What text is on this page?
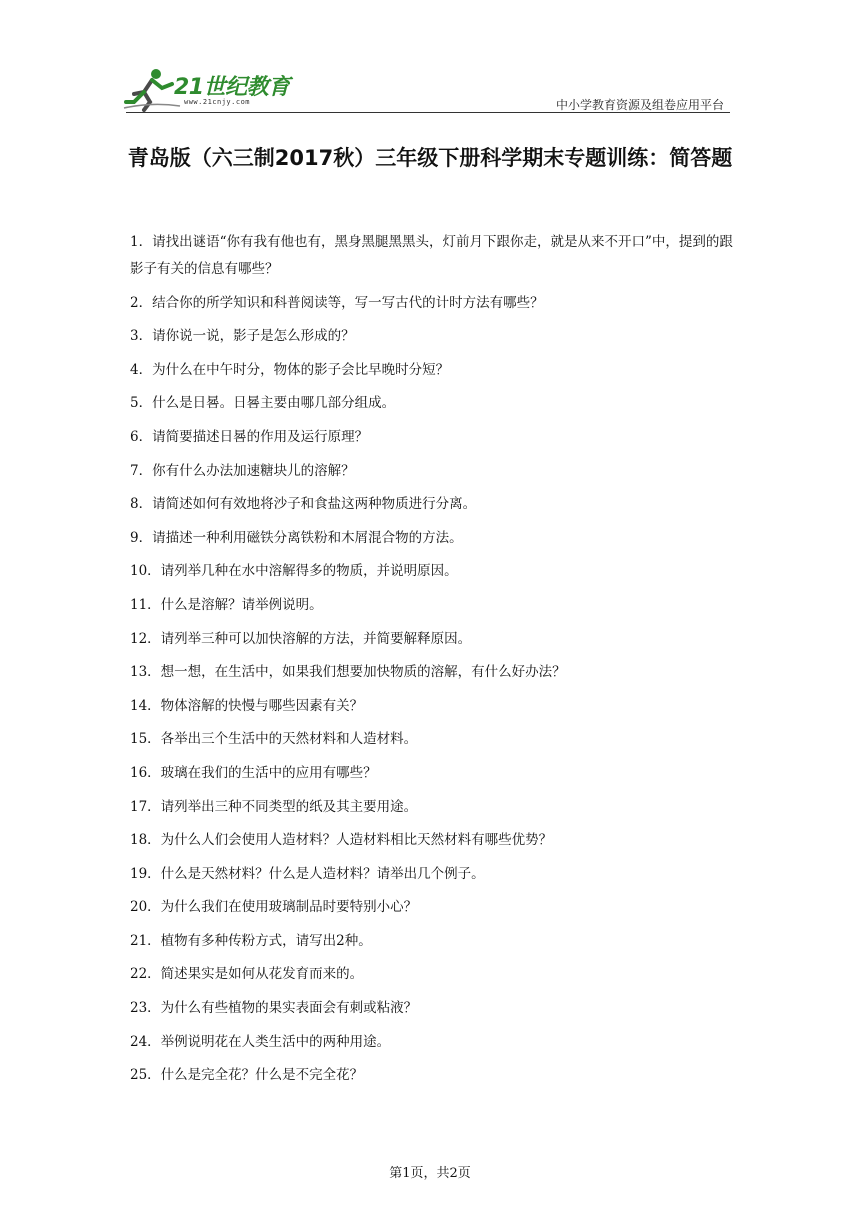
21世纪教育
www.21cnjy.com	中小学教育资源及组卷应用平台
青岛版（六三制2017秋）三年级下册科学期末专题训练：简答题
1．请找出谜语“你有我有他也有，黑身黑腿黑黑头，灯前月下跟你走，就是从来不开口”中，提到的跟影子有关的信息有哪些？
2．结合你的所学知识和科普阅读等，写一写古代的计时方法有哪些？
3．请你说一说，影子是怎么形成的？
4．为什么在中午时分，物体的影子会比早晚时分短？
5．什么是日晷。日晷主要由哪几部分组成。
6．请简要描述日晷的作用及运行原理？
7．你有什么办法加速糖块儿的溶解？
8．请简述如何有效地将沙子和食盐这两种物质进行分离。
9．请描述一种利用磁铁分离铁粉和木屑混合物的方法。
10．请列举几种在水中溶解得多的物质，并说明原因。
11．什么是溶解？请举例说明。
12．请列举三种可以加快溶解的方法，并简要解释原因。
13．想一想，在生活中，如果我们想要加快物质的溶解，有什么好办法？
14．物体溶解的快慢与哪些因素有关？
15．各举出三个生活中的天然材料和人造材料。
16．玻璃在我们的生活中的应用有哪些？
17．请列举出三种不同类型的纸及其主要用途。
18．为什么人们会使用人造材料？人造材料相比天然材料有哪些优势？
19．什么是天然材料？什么是人造材料？请举出几个例子。
20．为什么我们在使用玻璃制品时要特别小心？
21．植物有多种传粉方式，请写出2种。
22．简述果实是如何从花发育而来的。
23．为什么有些植物的果实表面会有刺或粘液？
24．举例说明花在人类生活中的两种用途。
25．什么是完全花？什么是不完全花？
第1页，共2页
